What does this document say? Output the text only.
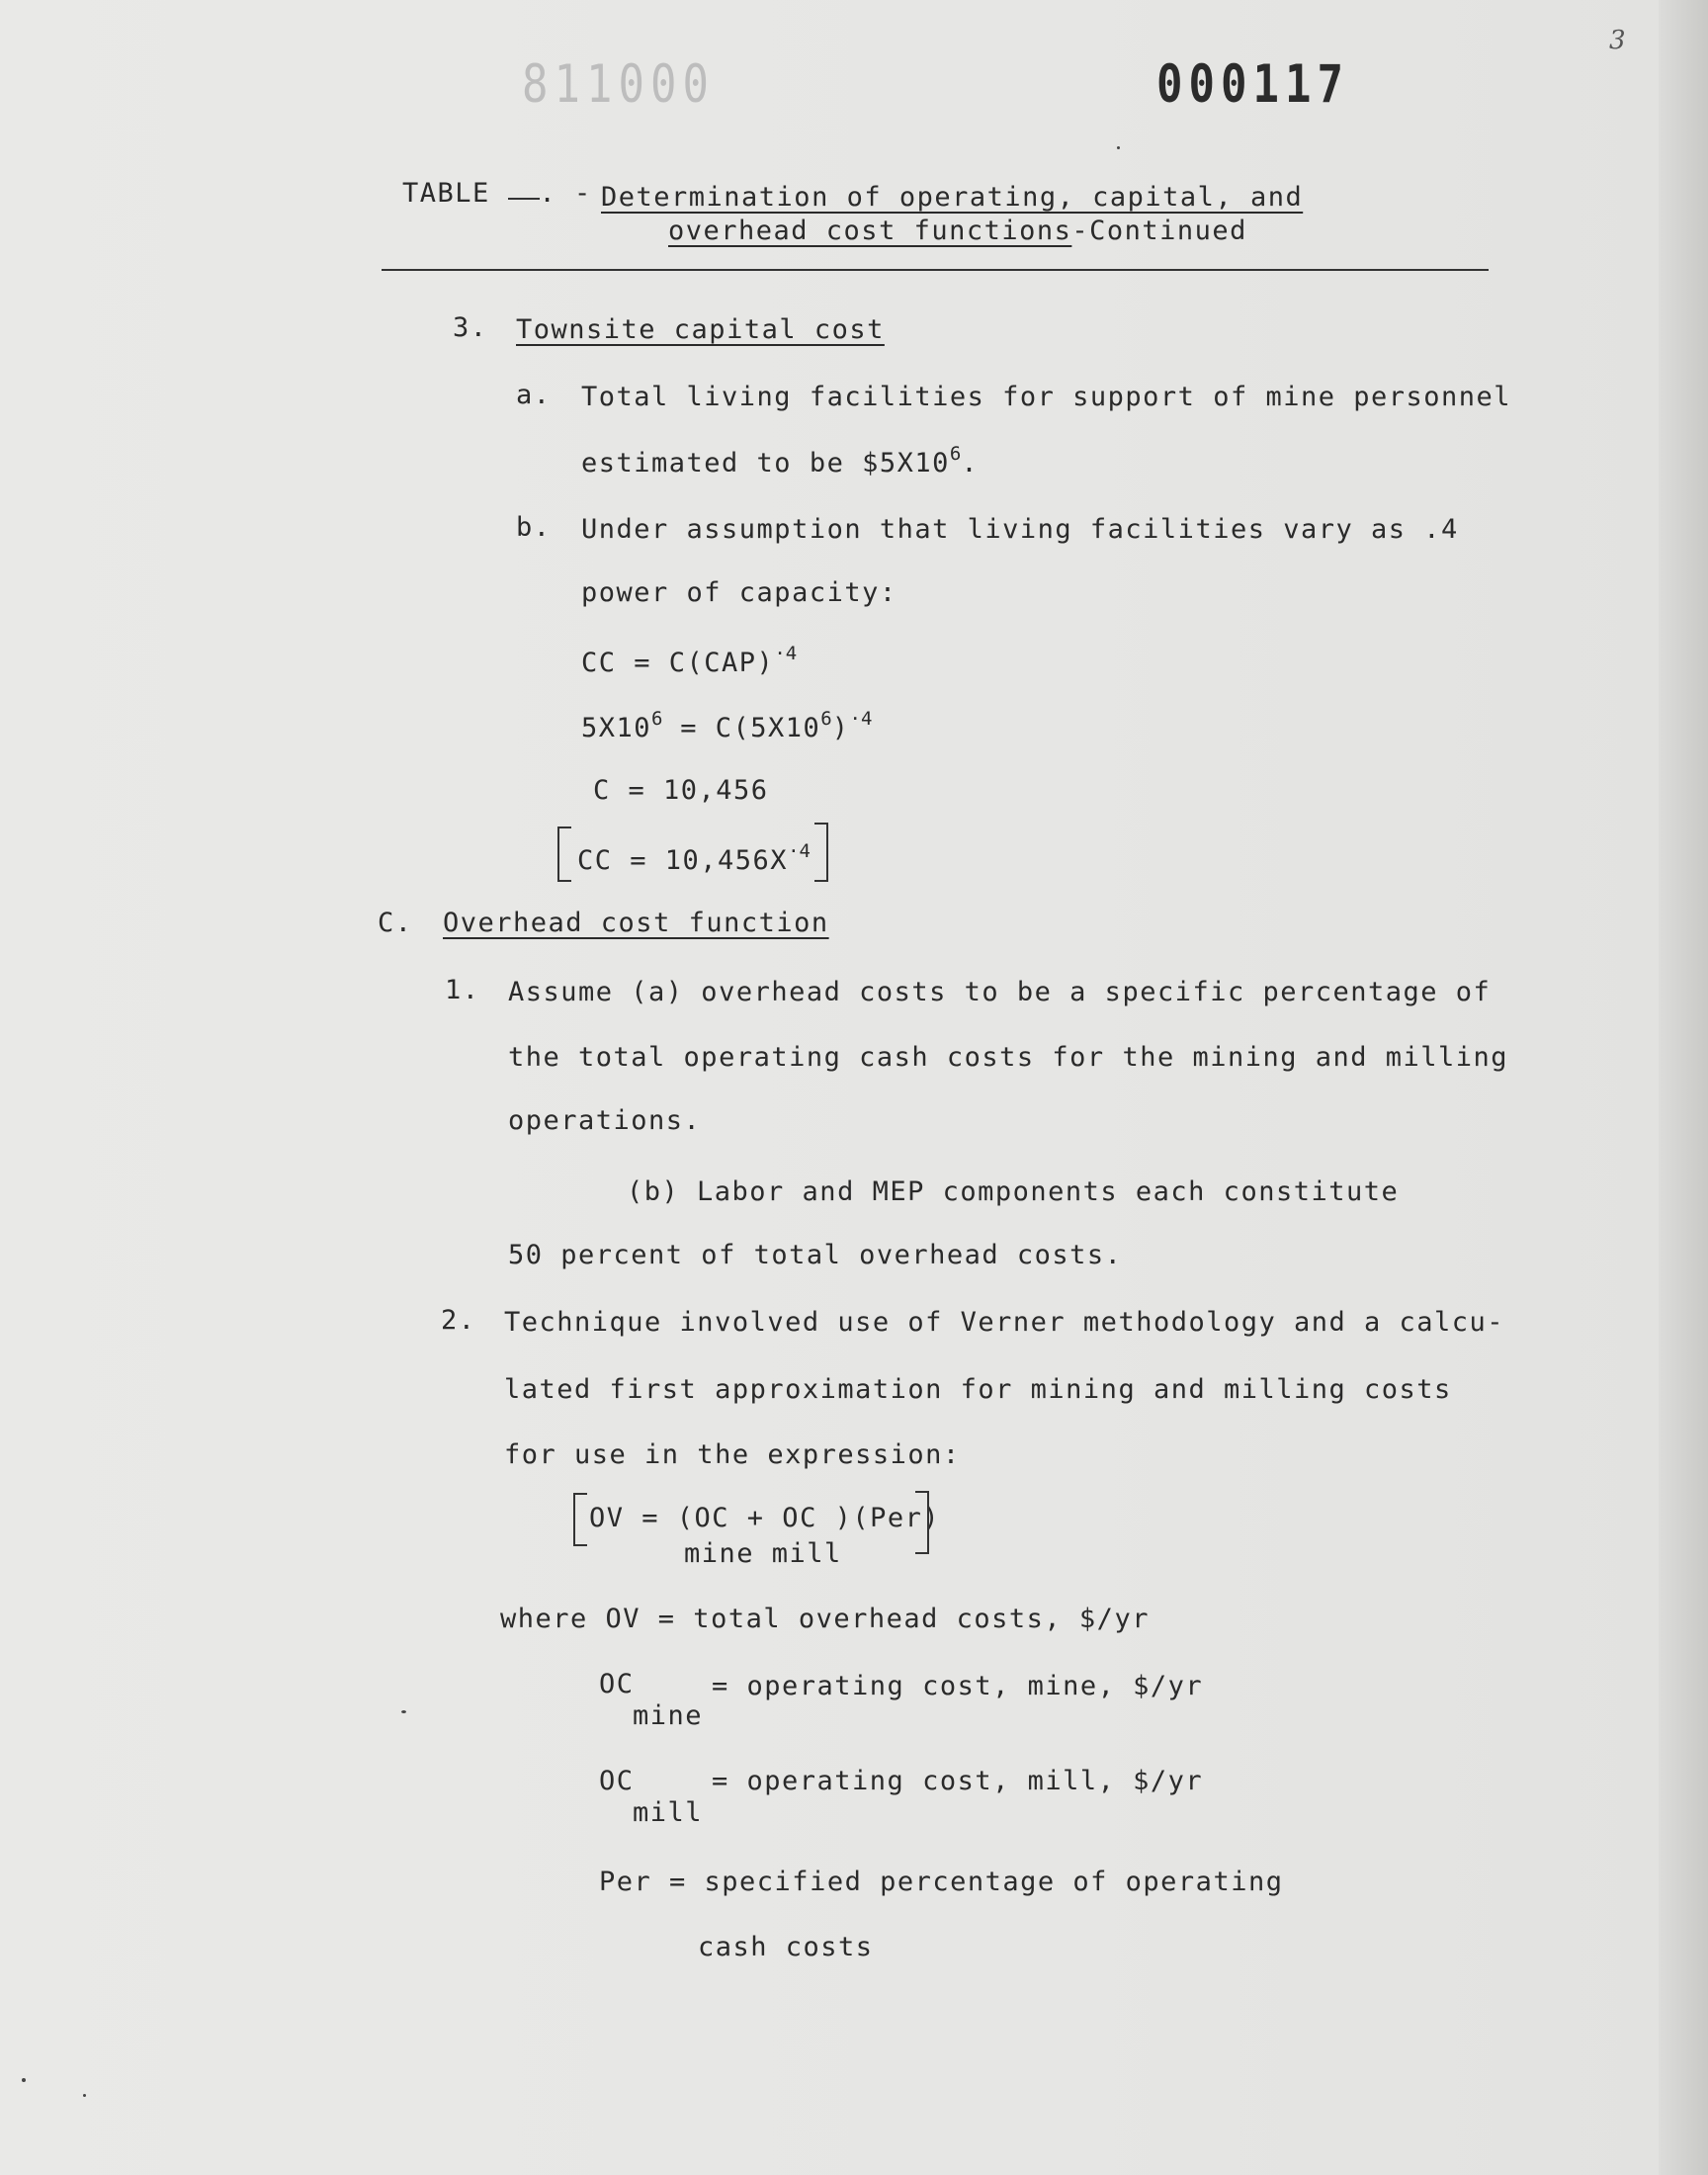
811000	000117
3
TABLE . - Determination of operating, capital, and
overhead cost functions-Continued
3. Townsite capital cost
a. Total living facilities for support of mine personnel
estimated to be $\$5X10^6$.
b. Under assumption that living facilities vary as .4
power of capacity:
CC = C(CAP)$^{\cdot 4}$
$5X10^6 = C(5X10^6)^{\cdot 4}$
C = 10,456
CC = $10,456X^{\cdot 4}$
C. Overhead cost function
1. Assume (a) overhead costs to be a specific percentage of
the total operating cash costs for the mining and milling
operations.
(b) Labor and MEP components each constitute
50 percent of total overhead costs.
2. Technique involved use of Verner methodology and a calcu-
lated first approximation for mining and milling costs
for use in the expression:
OV = (OC + OC )(Per)
mine mill
where OV = total overhead costs, $/yr
OC
mine
= operating cost, mine, $/yr
OC
mill
= operating cost, mill, $/yr
Per = specified percentage of operating
cash costs
